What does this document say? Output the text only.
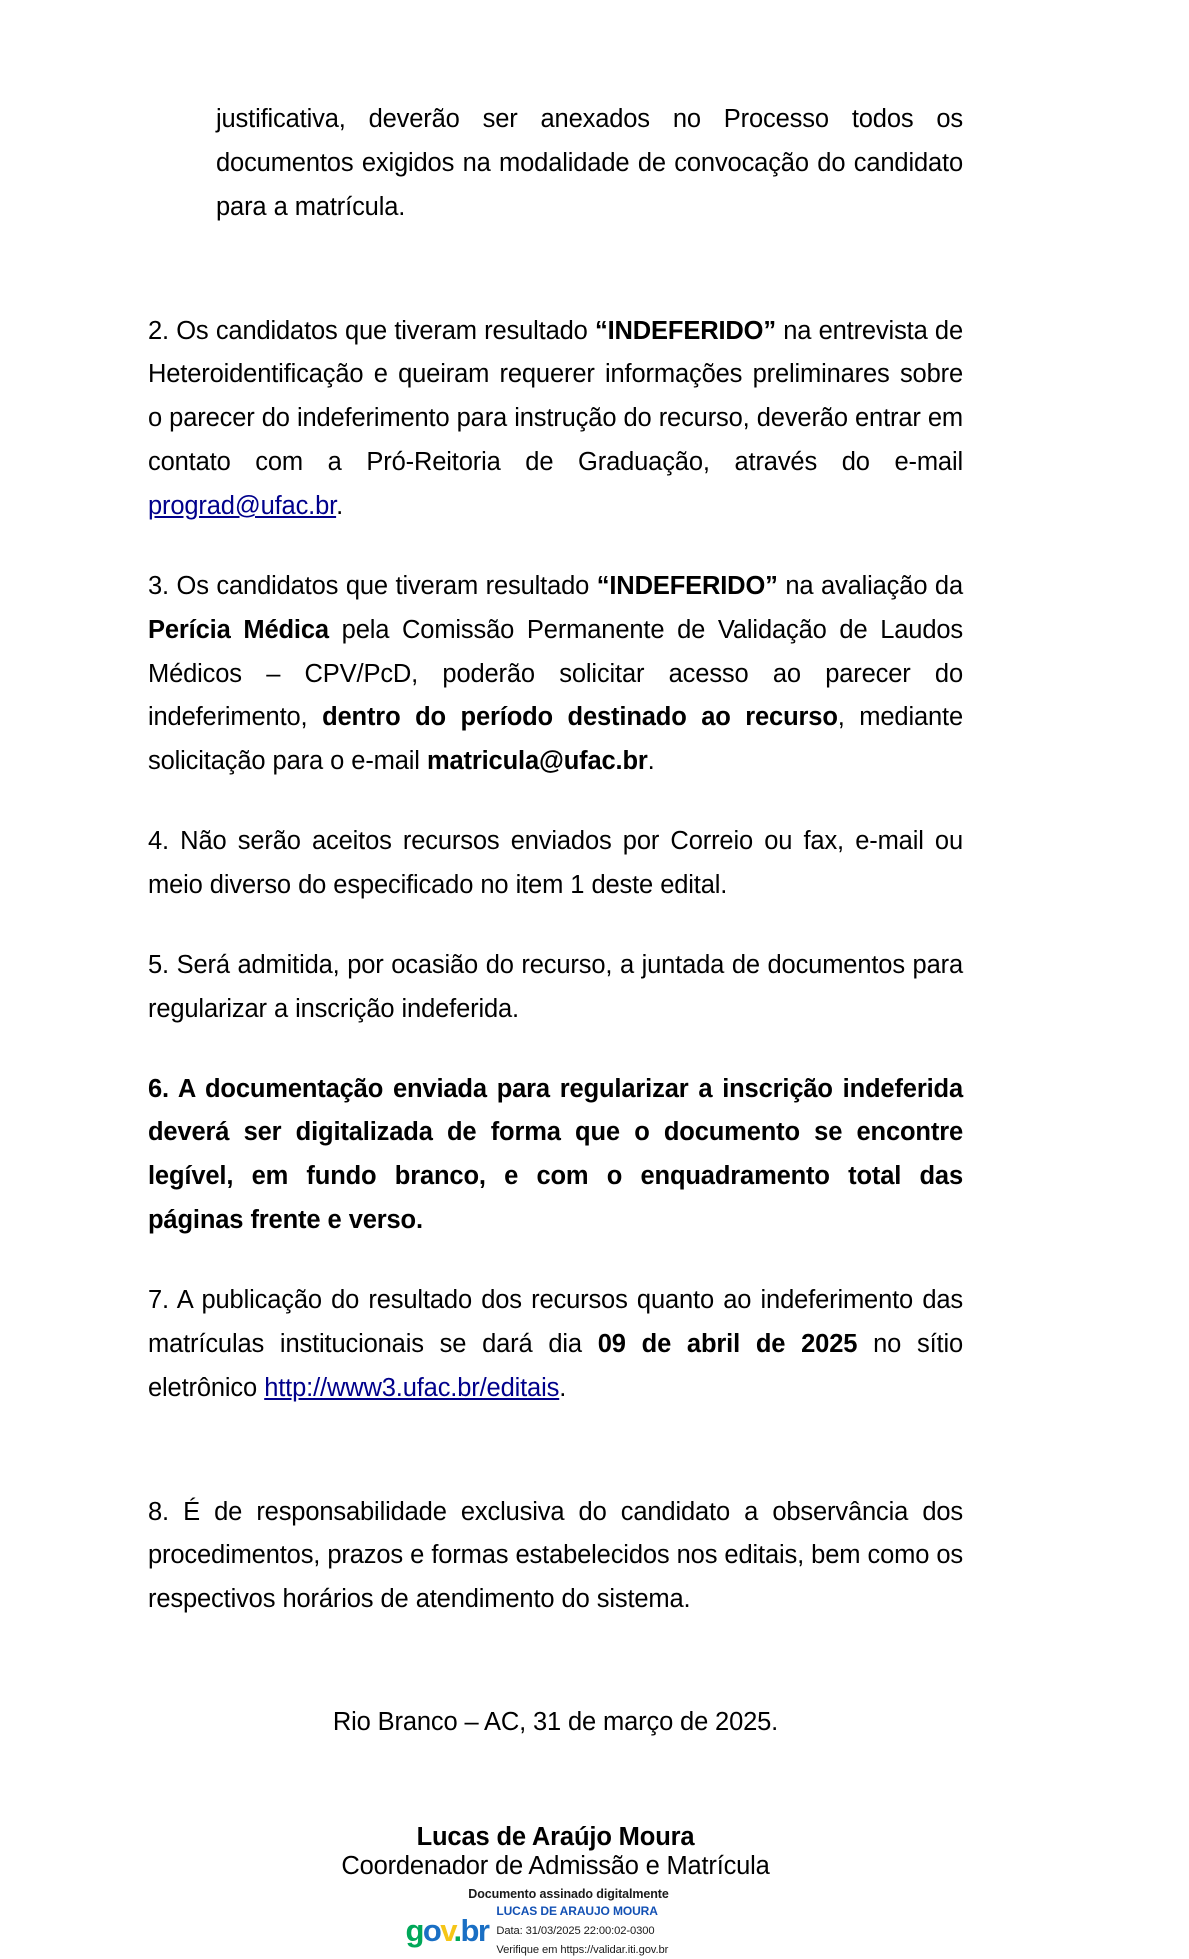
justificativa, deverão ser anexados no Processo todos os documentos exigidos na modalidade de convocação do candidato para a matrícula.

2. Os candidatos que tiveram resultado “INDEFERIDO” na entrevista de Heteroidentificação e queiram requerer informações preliminares sobre o parecer do indeferimento para instrução do recurso, deverão entrar em contato com a Pró-Reitoria de Graduação, através do e-mail prograd@ufac.br.

3. Os candidatos que tiveram resultado “INDEFERIDO” na avaliação da Perícia Médica pela Comissão Permanente de Validação de Laudos Médicos – CPV/PcD, poderão solicitar acesso ao parecer do indeferimento, dentro do período destinado ao recurso, mediante solicitação para o e-mail matricula@ufac.br.

4. Não serão aceitos recursos enviados por Correio ou fax, e-mail ou meio diverso do especificado no item 1 deste edital.

5. Será admitida, por ocasião do recurso, a juntada de documentos para regularizar a inscrição indeferida.

6. A documentação enviada para regularizar a inscrição indeferida deverá ser digitalizada de forma que o documento se encontre legível, em fundo branco, e com o enquadramento total das páginas frente e verso.

7. A publicação do resultado dos recursos quanto ao indeferimento das matrículas institucionais se dará dia 09 de abril de 2025 no sítio eletrônico http://www3.ufac.br/editais.

8. É de responsabilidade exclusiva do candidato a observância dos procedimentos, prazos e formas estabelecidos nos editais, bem como os respectivos horários de atendimento do sistema.

Rio Branco – AC, 31 de março de 2025.

Lucas de Araújo Moura

Coordenador de Admissão e Matrícula

Documento assinado digitalmente

gov.br
LUCAS DE ARAUJO MOURA
Data: 31/03/2025 22:00:02-0300
Verifique em https://validar.iti.gov.br
